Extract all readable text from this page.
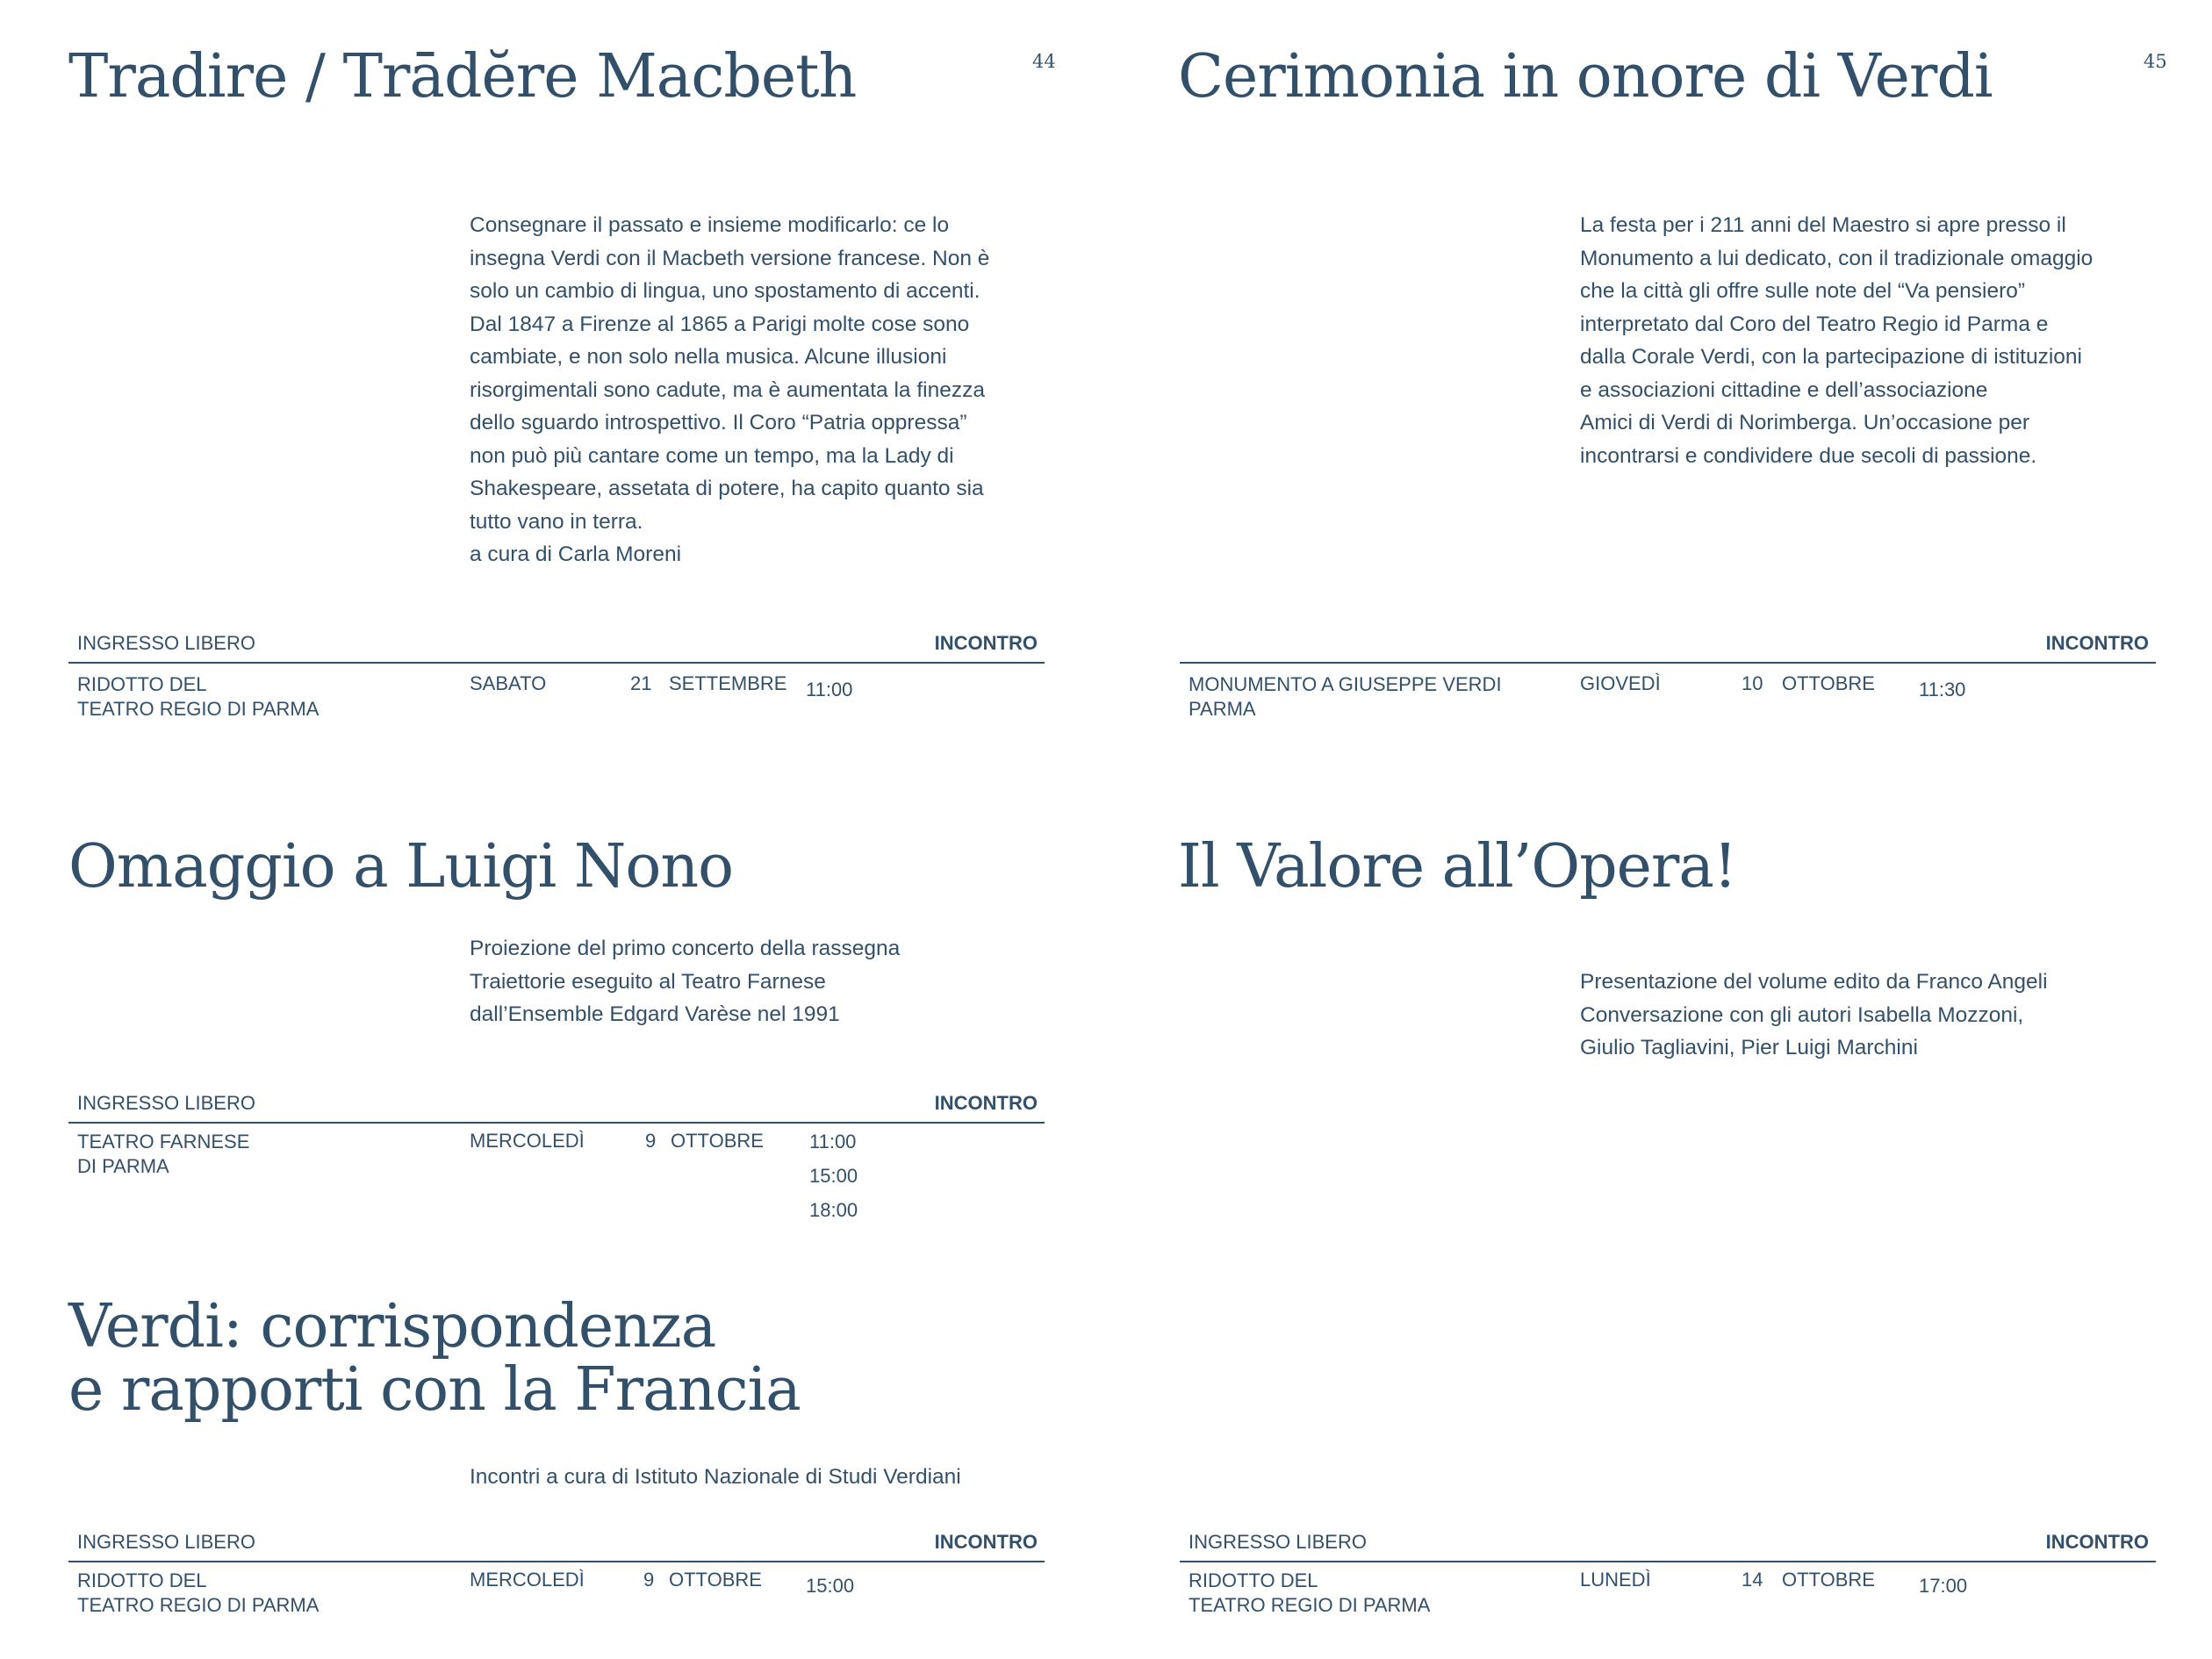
44
Tradire / Trādĕre Macbeth
Consegnare il passato e insieme modificarlo: ce lo
insegna Verdi con il Macbeth versione francese. Non è
solo un cambio di lingua, uno spostamento di accenti.
Dal 1847 a Firenze al 1865 a Parigi molte cose sono
cambiate, e non solo nella musica. Alcune illusioni
risorgimentali sono cadute, ma è aumentata la finezza
dello sguardo introspettivo. Il Coro “Patria oppressa”
non può più cantare come un tempo, ma la Lady di
Shakespeare, assetata di potere, ha capito quanto sia
tutto vano in terra.
a cura di Carla Moreni
INGRESSO LIBERO	INCONTRO
RIDOTTO DEL
TEATRO REGIO DI PARMA
SABATO	21 SETTEMBRE 11:00
Omaggio a Luigi Nono
Proiezione del primo concerto della rassegna
Traiettorie eseguito al Teatro Farnese
dall’Ensemble Edgard Varèse nel 1991
INGRESSO LIBERO	INCONTRO
TEATRO FARNESE
DI PARMA
MERCOLEDÌ	9 OTTOBRE 11:00
15:00
18:00
Verdi: corrispondenza
e rapporti con la Francia
Incontri a cura di Istituto Nazionale di Studi Verdiani
INGRESSO LIBERO	INCONTRO
RIDOTTO DEL
TEATRO REGIO DI PARMA
MERCOLEDÌ	9 OTTOBRE 15:00
45
Cerimonia in onore di Verdi
La festa per i 211 anni del Maestro si apre presso il
Monumento a lui dedicato, con il tradizionale omaggio
che la città gli offre sulle note del “Va pensiero”
interpretato dal Coro del Teatro Regio id Parma e
dalla Corale Verdi, con la partecipazione di istituzioni
e associazioni cittadine e dell’associazione
Amici di Verdi di Norimberga. Un’occasione per
incontrarsi e condividere due secoli di passione.
INCONTRO
MONUMENTO A GIUSEPPE VERDI
PARMA
GIOVEDÌ	10 OTTOBRE 11:30
Il Valore all’Opera!
Presentazione del volume edito da Franco Angeli
Conversazione con gli autori Isabella Mozzoni,
Giulio Tagliavini, Pier Luigi Marchini
INGRESSO LIBERO	INCONTRO
RIDOTTO DEL
TEATRO REGIO DI PARMA
LUNEDÌ	14 OTTOBRE 17:00
